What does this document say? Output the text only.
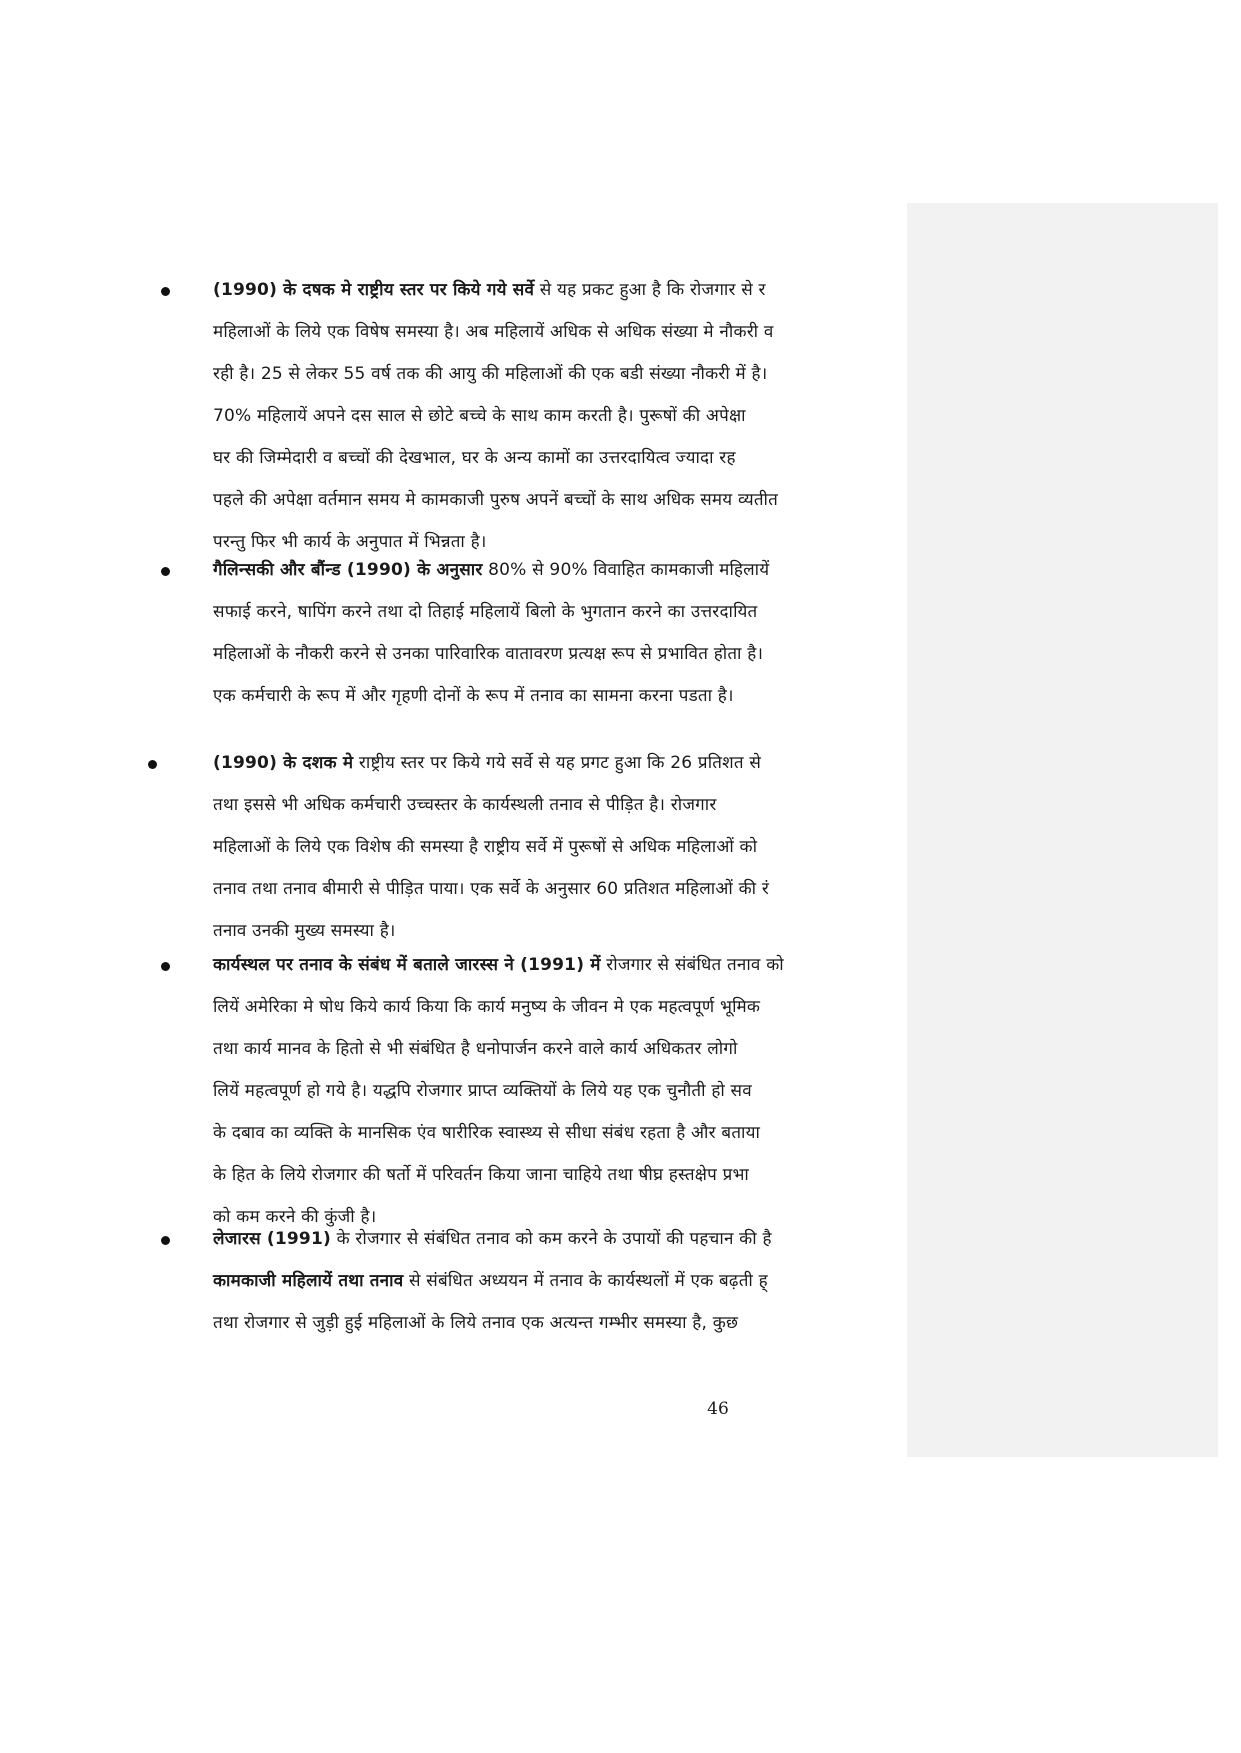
(1990) के दषक मे राष्ट्रीय स्तर पर किये गये सर्वे से यह प्रकट हुआ है कि रोजगार से र
महिलाओं के लिये एक विषेष समस्या है। अब महिलायें अधिक से अधिक संख्या मे नौकरी व
रही है। 25 से लेकर 55 वर्ष तक की आयु की महिलाओं की एक बडी संख्या नौकरी में है।
70% महिलायें अपने दस साल से छोटे बच्चे के साथ काम करती है। पुरूषों की अपेक्षा
घर की जिम्मेदारी व बच्चों की देखभाल, घर के अन्य कामों का उत्तरदायित्व ज्यादा रह
पहले की अपेक्षा वर्तमान समय मे कामकाजी पुरुष अपनें बच्चों के साथ अधिक समय व्यतीत
परन्तु फिर भी कार्य के अनुपात में भिन्नता है।
गैलिन्सकी और बौंन्ड (1990) के अनुसार 80% से 90% विवाहित कामकाजी महिलायें
सफाई करने, षापिंग करने तथा दो तिहाई महिलायें बिलो के भुगतान करने का उत्तरदायित
महिलाओं के नौकरी करने से उनका पारिवारिक वातावरण प्रत्यक्ष रूप से प्रभावित होता है।
एक कर्मचारी के रूप में और गृहणी दोनों के रूप में तनाव का सामना करना पडता है।
(1990) के दशक मे राष्ट्रीय स्तर पर किये गये सर्वे से यह प्रगट हुआ कि 26 प्रतिशत से
तथा इससे भी अधिक कर्मचारी उच्चस्तर के कार्यस्थली तनाव से पीड़ित है। रोजगार
महिलाओं के लिये एक विशेष की समस्या है राष्ट्रीय सर्वे में पुरूषों से अधिक महिलाओं को
तनाव तथा तनाव बीमारी से पीड़ित पाया। एक सर्वे के अनुसार 60 प्रतिशत महिलाओं की रं
तनाव उनकी मुख्य समस्या है।
कार्यस्थल पर तनाव के संबंध में बताले जारस्स ने (1991) में रोजगार से संबंधित तनाव को
लियें अमेरिका मे षोध किये कार्य किया कि कार्य मनुष्य के जीवन मे एक महत्वपूर्ण भूमिक
तथा कार्य मानव के हितो से भी संबंधित है धनोपार्जन करने वाले कार्य अधिकतर लोगो
लियें महत्वपूर्ण हो गये है। यद्धपि रोजगार प्राप्त व्यक्तियों के लिये यह एक चुनौती हो सव
के दबाव का व्यक्ति के मानसिक एंव षारीरिक स्वास्थ्य से सीधा संबंध रहता है और बताया
के हित के लिये रोजगार की षर्तो में परिवर्तन किया जाना चाहिये तथा षीघ्र हस्तक्षेप प्रभा
को कम करने की कुंजी है।
लेजारस (1991) के रोजगार से संबंधित तनाव को कम करने के उपायों की पहचान की है
कामकाजी महिलायें तथा तनाव से संबंधित अध्ययन में तनाव के कार्यस्थलों में एक बढ़ती ह्
तथा रोजगार से जुड़ी हुई महिलाओं के लिये तनाव एक अत्यन्त गम्भीर समस्या है, कुछ
46
